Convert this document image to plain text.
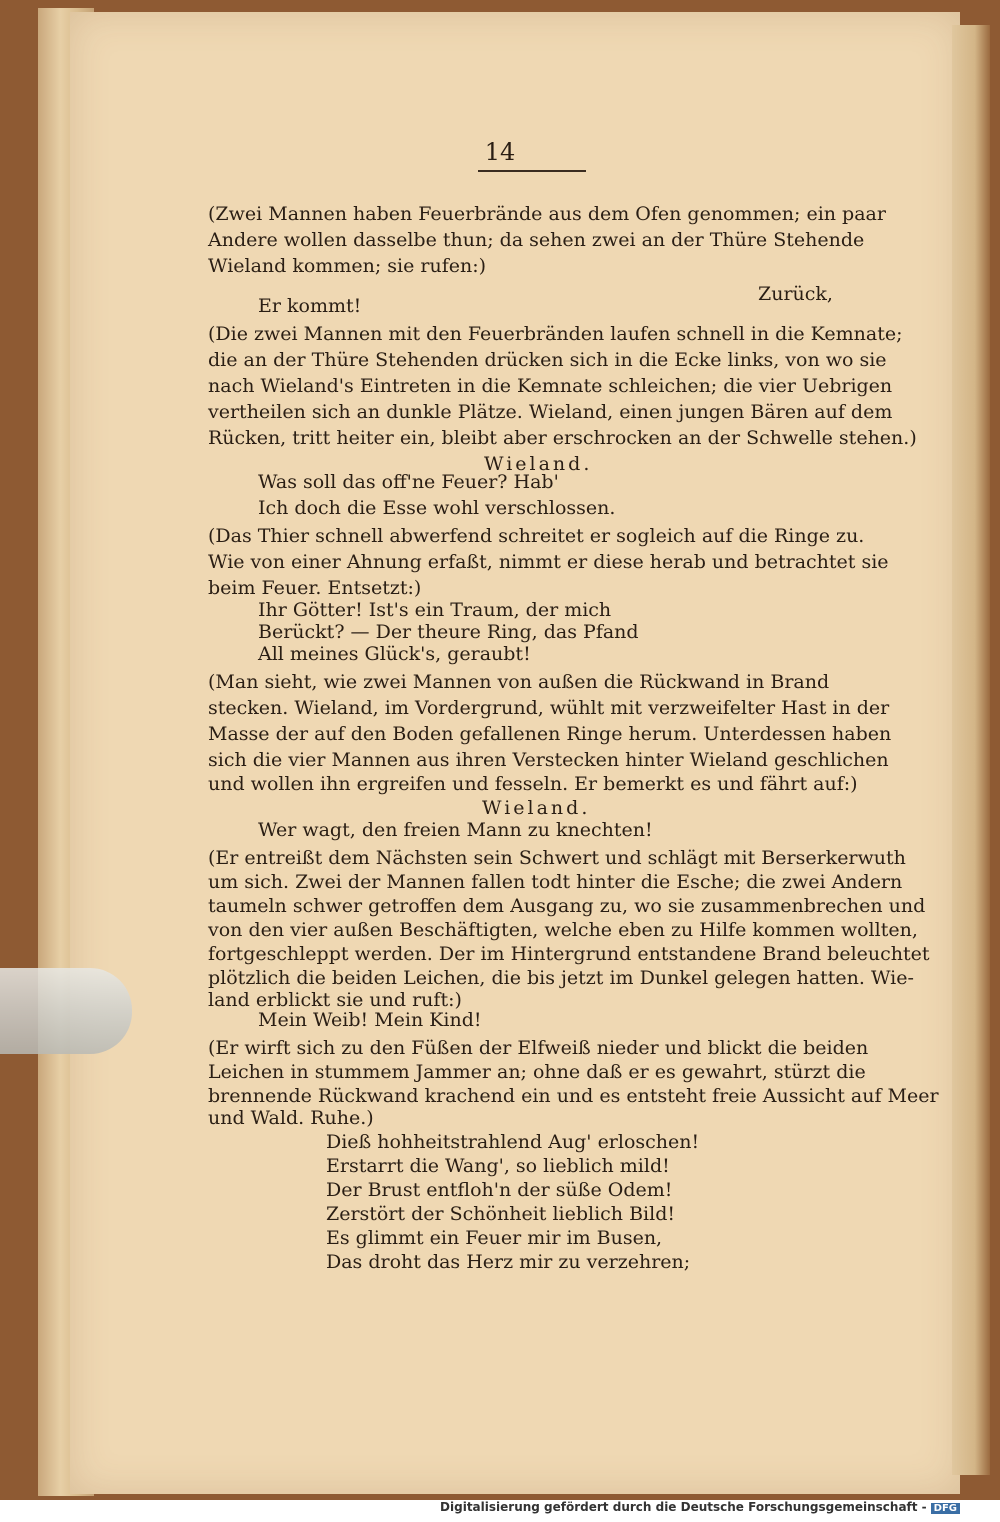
14
(Zwei Mannen haben Feuerbrände aus dem Ofen genommen; ein paar
Andere wollen dasselbe thun; da sehen zwei an der Thüre Stehende
Wieland kommen; sie rufen:)
Zurück,
Er kommt!
(Die zwei Mannen mit den Feuerbränden laufen schnell in die Kemnate;
die an der Thüre Stehenden drücken sich in die Ecke links, von wo sie
nach Wieland's Eintreten in die Kemnate schleichen; die vier Uebrigen
vertheilen sich an dunkle Plätze. Wieland, einen jungen Bären auf dem
Rücken, tritt heiter ein, bleibt aber erschrocken an der Schwelle stehen.)
Wieland.
Was soll das off'ne Feuer? Hab'
Ich doch die Esse wohl verschlossen.
(Das Thier schnell abwerfend schreitet er sogleich auf die Ringe zu.
Wie von einer Ahnung erfaßt, nimmt er diese herab und betrachtet sie
beim Feuer. Entsetzt:)
Ihr Götter! Ist's ein Traum, der mich
Berückt? — Der theure Ring, das Pfand
All meines Glück's, geraubt!
(Man sieht, wie zwei Mannen von außen die Rückwand in Brand
stecken. Wieland, im Vordergrund, wühlt mit verzweifelter Hast in der
Masse der auf den Boden gefallenen Ringe herum. Unterdessen haben
sich die vier Mannen aus ihren Verstecken hinter Wieland geschlichen
und wollen ihn ergreifen und fesseln. Er bemerkt es und fährt auf:)
Wieland.
Wer wagt, den freien Mann zu knechten!
(Er entreißt dem Nächsten sein Schwert und schlägt mit Berserkerwuth
um sich. Zwei der Mannen fallen todt hinter die Esche; die zwei Andern
taumeln schwer getroffen dem Ausgang zu, wo sie zusammenbrechen und
von den vier außen Beschäftigten, welche eben zu Hilfe kommen wollten,
fortgeschleppt werden. Der im Hintergrund entstandene Brand beleuchtet
plötzlich die beiden Leichen, die bis jetzt im Dunkel gelegen hatten. Wie-
land erblickt sie und ruft:)
Mein Weib! Mein Kind!
(Er wirft sich zu den Füßen der Elfweiß nieder und blickt die beiden
Leichen in stummem Jammer an; ohne daß er es gewahrt, stürzt die
brennende Rückwand krachend ein und es entsteht freie Aussicht auf Meer
und Wald. Ruhe.)
Dieß hohheitstrahlend Aug' erloschen!
Erstarrt die Wang', so lieblich mild!
Der Brust entfloh'n der süße Odem!
Zerstört der Schönheit lieblich Bild!
Es glimmt ein Feuer mir im Busen,
Das droht das Herz mir zu verzehren;
Digitalisierung gefördert durch die Deutsche Forschungsgemeinschaft - DFG
